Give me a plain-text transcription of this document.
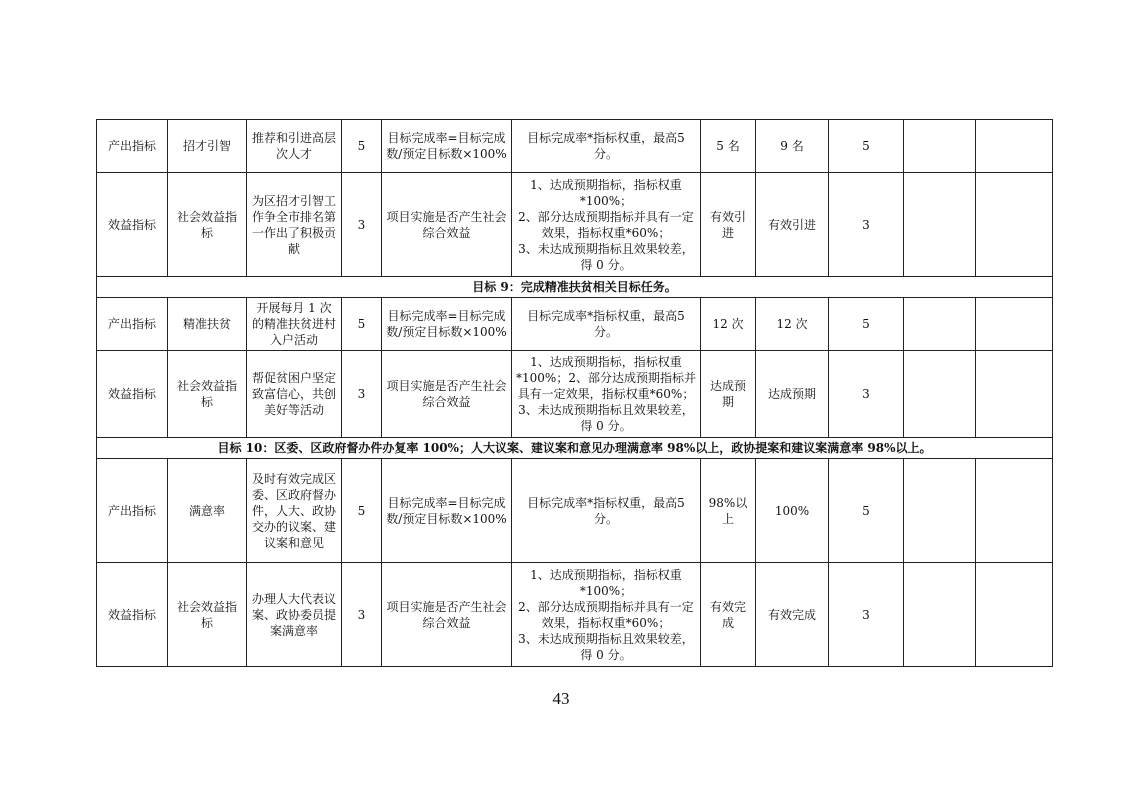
产出指标	招才引智	推荐和引进高层次人才	5	目标完成率=目标完成数/预定目标数×100%	目标完成率*指标权重，最高5分。	5 名	9 名	5		
效益指标	社会效益指标	为区招才引智工作争全市排名第一作出了积极贡献	3	项目实施是否产生社会综合效益	1、达成预期指标，指标权重*100%；
2、部分达成预期指标并具有一定效果，指标权重*60%；
3、未达成预期指标且效果较差，得 0 分。	有效引进	有效引进	3		
目标 9：完成精准扶贫相关目标任务。										
产出指标	精准扶贫	开展每月 1 次的精准扶贫进村入户活动	5	目标完成率=目标完成数/预定目标数×100%	目标完成率*指标权重，最高5分。	12 次	12 次	5		
效益指标	社会效益指标	帮促贫困户坚定致富信心，共创美好等活动	3	项目实施是否产生社会综合效益	1、达成预期指标，指标权重*100%；2、部分达成预期指标并具有一定效果，指标权重*60%；3、未达成预期指标且效果较差，得 0 分。	达成预期	达成预期	3		
目标 10：区委、区政府督办件办复率 100%；人大议案、建议案和意见办理满意率 98%以上，政协提案和建议案满意率 98%以上。										
产出指标	满意率	及时有效完成区委、区政府督办件，人大、政协交办的议案、建议案和意见	5	目标完成率=目标完成数/预定目标数×100%	目标完成率*指标权重，最高5分。	98%以上	100%	5		
效益指标	社会效益指标	办理人大代表议案、政协委员提案满意率	3	项目实施是否产生社会综合效益	1、达成预期指标，指标权重*100%；
2、部分达成预期指标并具有一定效果，指标权重*60%；
3、未达成预期指标且效果较差，得 0 分。	有效完成	有效完成	3		
43
